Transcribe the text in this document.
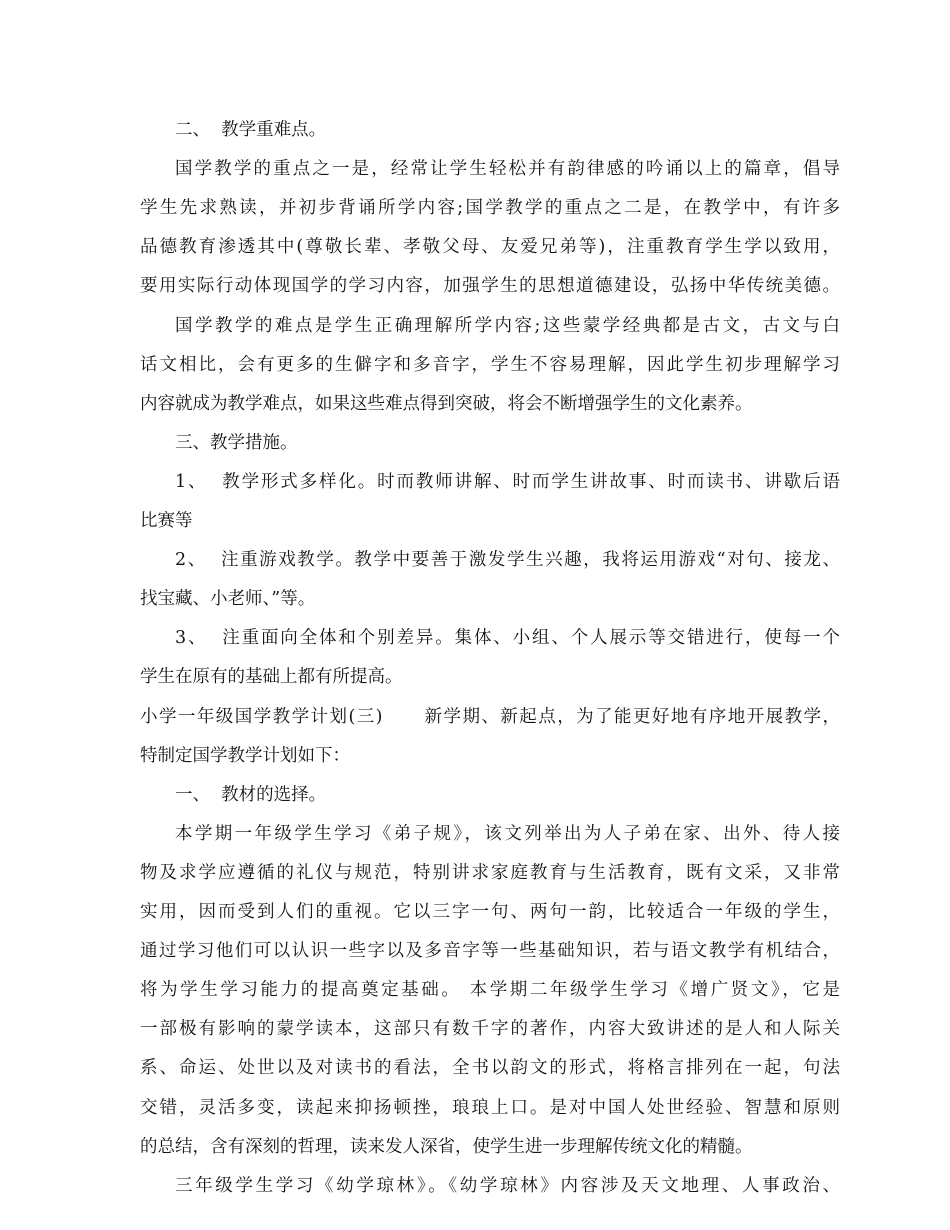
二、  教学重难点。
国学教学的重点之一是，经常让学生轻松并有韵律感的吟诵以上的篇章，倡导
学生先求熟读，并初步背诵所学内容;国学教学的重点之二是，在教学中，有许多
品德教育渗透其中(尊敬长辈、孝敬父母、友爱兄弟等)，注重教育学生学以致用，
要用实际行动体现国学的学习内容，加强学生的思想道德建设，弘扬中华传统美德。
国学教学的难点是学生正确理解所学内容;这些蒙学经典都是古文，古文与白
话文相比，会有更多的生僻字和多音字，学生不容易理解，因此学生初步理解学习
内容就成为教学难点，如果这些难点得到突破，将会不断增强学生的文化素养。
三、教学措施。
1、  教学形式多样化。时而教师讲解、时而学生讲故事、时而读书、讲歇后语
比赛等
2、  注重游戏教学。教学中要善于激发学生兴趣，我将运用游戏“对句、接龙、
找宝藏、小老师、”等。
3、  注重面向全体和个别差异。集体、小组、个人展示等交错进行，使每一个
学生在原有的基础上都有所提高。
小学一年级国学教学计划(三)      新学期、新起点，为了能更好地有序地开展教学，
特制定国学教学计划如下：
一、  教材的选择。
本学期一年级学生学习《弟子规》，该文列举出为人子弟在家、出外、待人接
物及求学应遵循的礼仪与规范，特别讲求家庭教育与生活教育，既有文采，又非常
实用，因而受到人们的重视。它以三字一句、两句一韵，比较适合一年级的学生，
通过学习他们可以认识一些字以及多音字等一些基础知识，若与语文教学有机结合，
将为学生学习能力的提高奠定基础。 本学期二年级学生学习《增广贤文》，它是
一部极有影响的蒙学读本，这部只有数千字的著作，内容大致讲述的是人和人际关
系、命运、处世以及对读书的看法，全书以韵文的形式，将格言排列在一起，句法
交错，灵活多变，读起来抑扬顿挫，琅琅上口。是对中国人处世经验、智慧和原则
的总结，含有深刻的哲理，读来发人深省，使学生进一步理解传统文化的精髓。
三年级学生学习《幼学琼林》。《幼学琼林》内容涉及天文地理、人事政治、
